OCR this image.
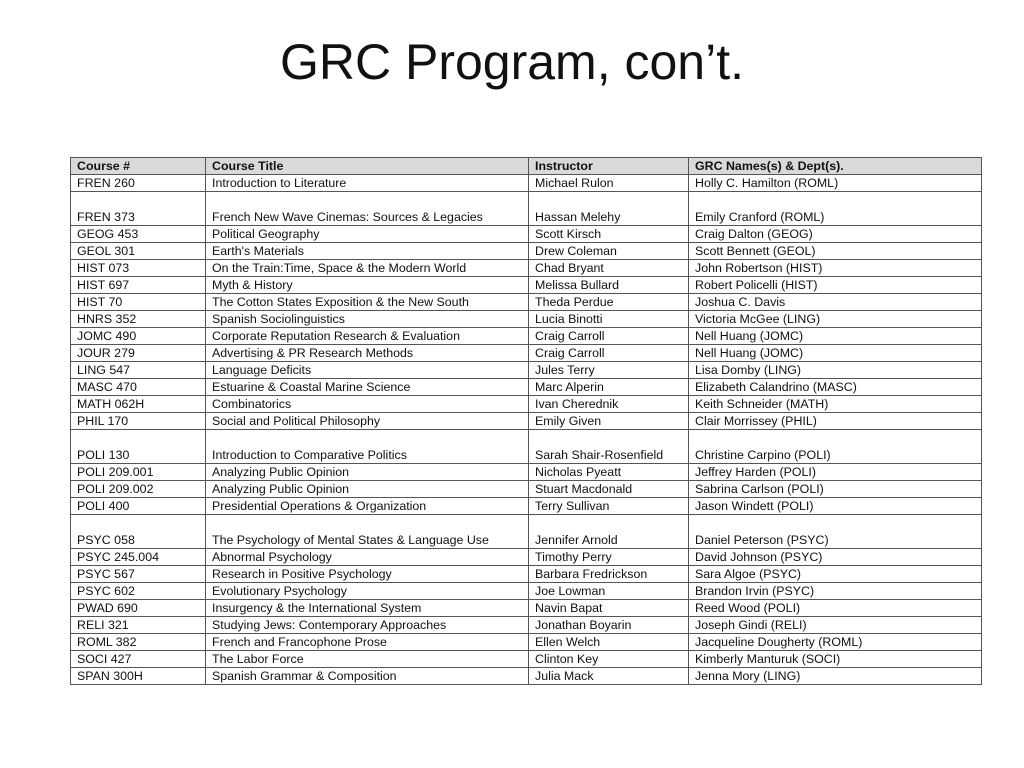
GRC Program, con’t.
Course #	Course Title	Instructor	GRC Names(s) & Dept(s).
FREN 260	Introduction to Literature	Michael Rulon	Holly C. Hamilton (ROML)
FREN 373	French New Wave Cinemas: Sources & Legacies	Hassan Melehy	Emily Cranford (ROML)
GEOG 453	Political Geography	Scott Kirsch	Craig Dalton (GEOG)
GEOL 301	Earth's Materials	Drew Coleman	Scott Bennett (GEOL)
HIST 073	On the Train:Time, Space & the Modern World	Chad Bryant	John Robertson (HIST)
HIST 697	Myth & History	Melissa Bullard	Robert Policelli (HIST)
HIST 70	The Cotton States Exposition & the New South	Theda Perdue	Joshua C. Davis
HNRS 352	Spanish Sociolinguistics	Lucia Binotti	Victoria McGee (LING)
JOMC 490	Corporate Reputation Research & Evaluation	Craig Carroll	Nell Huang (JOMC)
JOUR 279	Advertising & PR Research Methods	Craig Carroll	Nell Huang (JOMC)
LING 547	Language Deficits	Jules Terry	Lisa Domby (LING)
MASC 470	Estuarine & Coastal Marine Science	Marc Alperin	Elizabeth Calandrino (MASC)
MATH 062H	Combinatorics	Ivan Cherednik	Keith Schneider (MATH)
PHIL 170	Social and Political Philosophy	Emily Given	Clair Morrissey (PHIL)
POLI 130	Introduction to Comparative Politics	Sarah Shair-Rosenfield	Christine Carpino (POLI)
POLI 209.001	Analyzing Public Opinion	Nicholas Pyeatt	Jeffrey Harden (POLI)
POLI 209.002	Analyzing Public Opinion	Stuart Macdonald	Sabrina Carlson (POLI)
POLI 400	Presidential Operations & Organization	Terry Sullivan	Jason Windett (POLI)
PSYC 058	The Psychology of Mental States & Language Use	Jennifer Arnold	Daniel Peterson (PSYC)
PSYC 245.004	Abnormal Psychology	Timothy Perry	David Johnson (PSYC)
PSYC 567	Research in Positive Psychology	Barbara Fredrickson	Sara Algoe (PSYC)
PSYC 602	Evolutionary Psychology	Joe Lowman	Brandon Irvin (PSYC)
PWAD 690	Insurgency & the International System	Navin Bapat	Reed Wood (POLI)
RELI 321	Studying Jews: Contemporary Approaches	Jonathan Boyarin	Joseph Gindi (RELI)
ROML 382	French and Francophone Prose	Ellen Welch	Jacqueline Dougherty (ROML)
SOCI 427	The Labor Force	Clinton Key	Kimberly Manturuk (SOCI)
SPAN 300H	Spanish Grammar & Composition	Julia Mack	Jenna Mory (LING)
